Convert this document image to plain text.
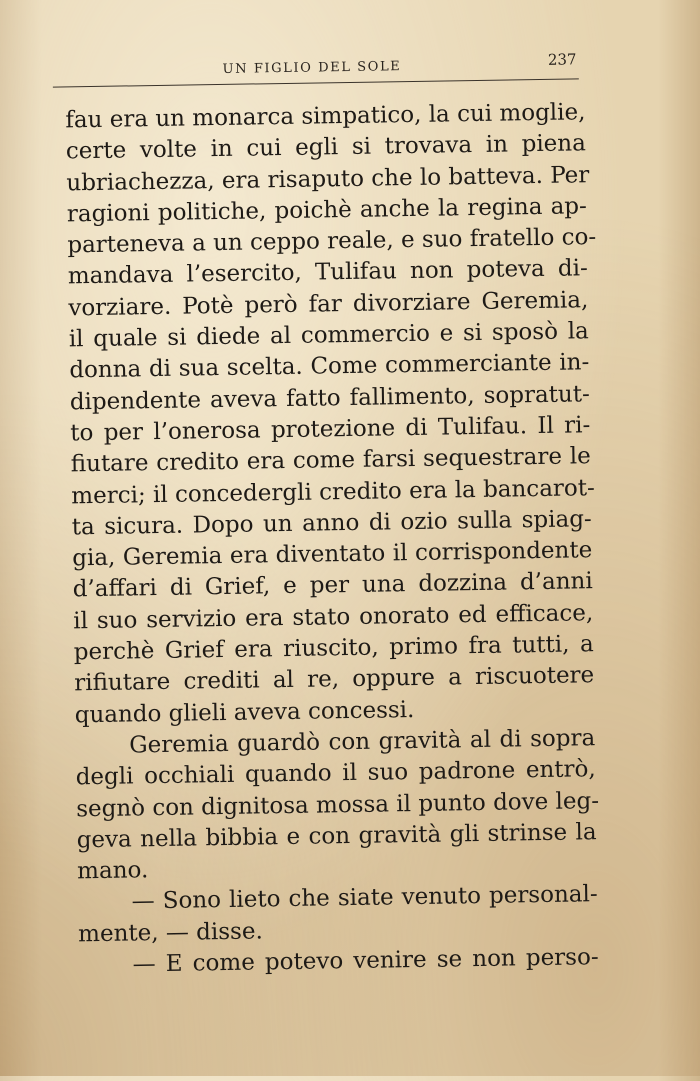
UN FIGLIO DEL SOLE	237
fau era un monarca simpatico, la cui moglie,
certe volte in cui egli si trovava in piena
ubriachezza, era risaputo che lo batteva. Per
ragioni politiche, poichè anche la regina ap-
parteneva a un ceppo reale, e suo fratello co-
mandava l’esercito, Tulifau non poteva di-
vorziare. Potè però far divorziare Geremia,
il quale si diede al commercio e si sposò la
donna di sua scelta. Come commerciante in-
dipendente aveva fatto fallimento, sopratut-
to per l’onerosa protezione di Tulifau. Il ri-
fiutare credito era come farsi sequestrare le
merci; il concedergli credito era la bancarot-
ta sicura. Dopo un anno di ozio sulla spiag-
gia, Geremia era diventato il corrispondente
d’affari di Grief, e per una dozzina d’anni
il suo servizio era stato onorato ed efficace,
perchè Grief era riuscito, primo fra tutti, a
rifiutare crediti al re, oppure a riscuotere
quando glieli aveva concessi.
Geremia guardò con gravità al di sopra
degli occhiali quando il suo padrone entrò,
segnò con dignitosa mossa il punto dove leg-
geva nella bibbia e con gravità gli strinse la
mano.
— Sono lieto che siate venuto personal-
mente, — disse.
— E come potevo venire se non perso-
